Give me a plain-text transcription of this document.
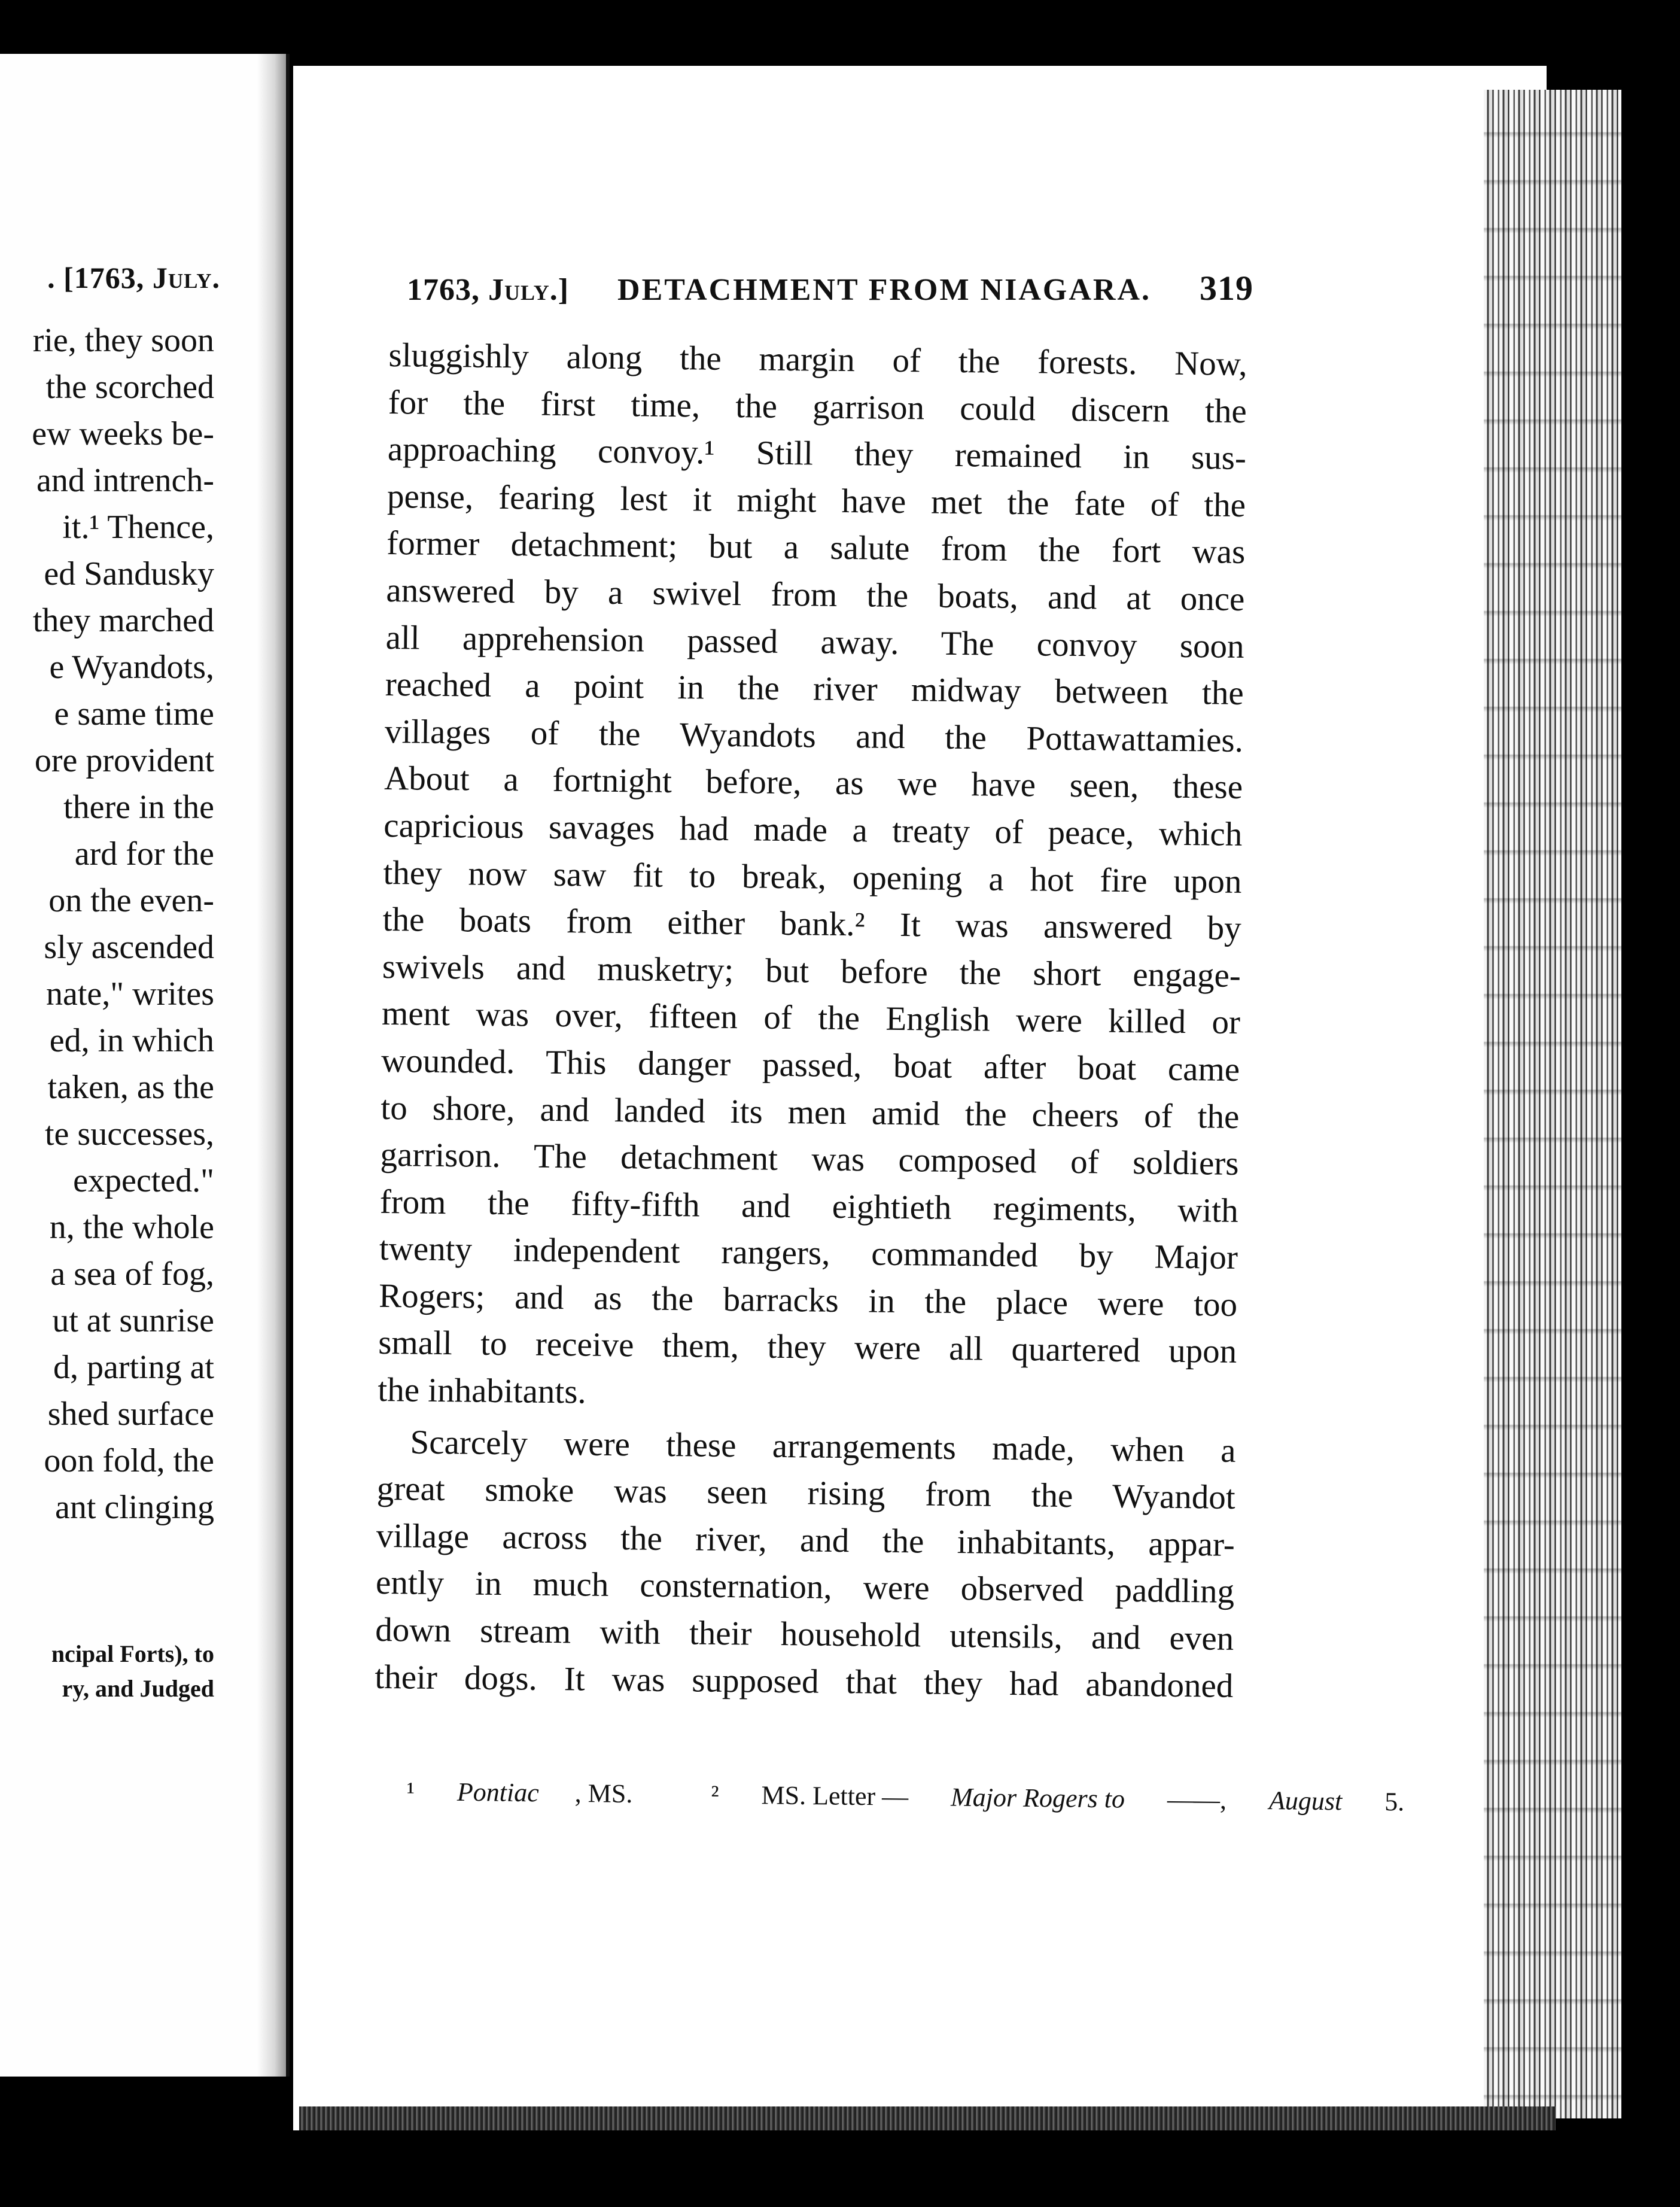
. [1763, July.
rie, they soon
the scorched
ew weeks be-
and intrench-
it.¹ Thence,
ed Sandusky
they marched
e Wyandots,
e same time
ore provident
there in the
ard for the
on the even-
sly ascended
nate," writes
ed, in which
taken, as the
te successes,
expected."
n, the whole
a sea of fog,
ut at sunrise
d, parting at
shed surface
oon fold, the
ant clinging
ncipal Forts), to
ry, and Judged
1763, July.] DETACHMENT FROM NIAGARA. 319

sluggishly along the margin of the forests. Now,
for the first time, the garrison could discern the
approaching convoy.¹ Still they remained in sus-
pense, fearing lest it might have met the fate of the
former detachment; but a salute from the fort was
answered by a swivel from the boats, and at once
all apprehension passed away. The convoy soon
reached a point in the river midway between the
villages of the Wyandots and the Pottawattamies.
About a fortnight before, as we have seen, these
capricious savages had made a treaty of peace, which
they now saw fit to break, opening a hot fire upon
the boats from either bank.² It was answered by
swivels and musketry; but before the short engage-
ment was over, fifteen of the English were killed or
wounded. This danger passed, boat after boat came
to shore, and landed its men amid the cheers of the
garrison. The detachment was composed of soldiers
from the fifty-fifth and eightieth regiments, with
twenty independent rangers, commanded by Major
Rogers; and as the barracks in the place were too
small to receive them, they were all quartered upon
the inhabitants.

Scarcely were these arrangements made, when a
great smoke was seen rising from the Wyandot
village across the river, and the inhabitants, appar-
ently in much consternation, were observed paddling
down stream with their household utensils, and even
their dogs. It was supposed that they had abandoned

¹ Pontiac , MS.	² MS. Letter — Major Rogers to ——, August 5.
